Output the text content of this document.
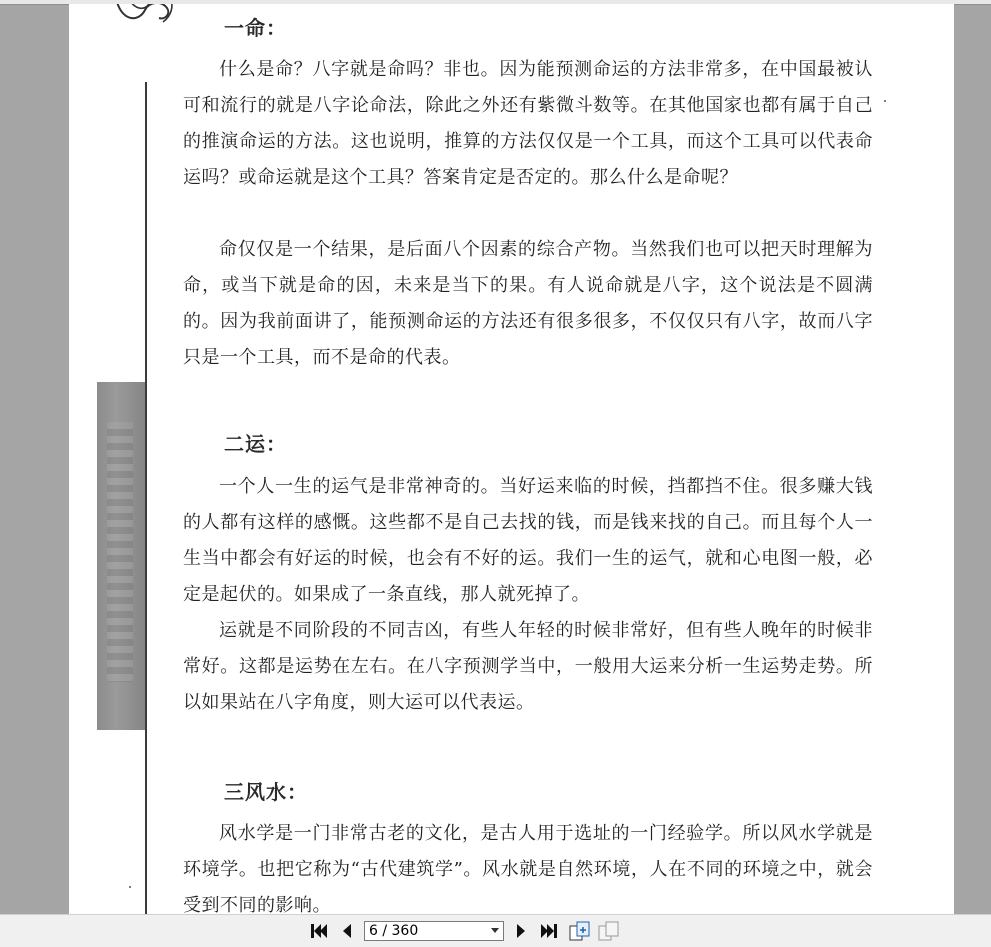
一命：

什么是命？八字就是命吗？非也。因为能预测命运的方法非常多，在中国最被认可和流行的就是八字论命法，除此之外还有紫微斗数等。在其他国家也都有属于自己的推演命运的方法。这也说明，推算的方法仅仅是一个工具，而这个工具可以代表命运吗？或命运就是这个工具？答案肯定是否定的。那么什么是命呢？

命仅仅是一个结果，是后面八个因素的综合产物。当然我们也可以把天时理解为命，或当下就是命的因，未来是当下的果。有人说命就是八字，这个说法是不圆满的。因为我前面讲了，能预测命运的方法还有很多很多，不仅仅只有八字，故而八字只是一个工具，而不是命的代表。

二运：

一个人一生的运气是非常神奇的。当好运来临的时候，挡都挡不住。很多赚大钱的人都有这样的感慨。这些都不是自己去找的钱，而是钱来找的自己。而且每个人一生当中都会有好运的时候，也会有不好的运。我们一生的运气，就和心电图一般，必定是起伏的。如果成了一条直线，那人就死掉了。

运就是不同阶段的不同吉凶，有些人年轻的时候非常好，但有些人晚年的时候非常好。这都是运势在左右。在八字预测学当中，一般用大运来分析一生运势走势。所以如果站在八字角度，则大运可以代表运。

三风水：

风水学是一门非常古老的文化，是古人用于选址的一门经验学。所以风水学就是环境学。也把它称为“古代建筑学”。风水就是自然环境，人在不同的环境之中，就会受到不同的影响。

6 / 360
